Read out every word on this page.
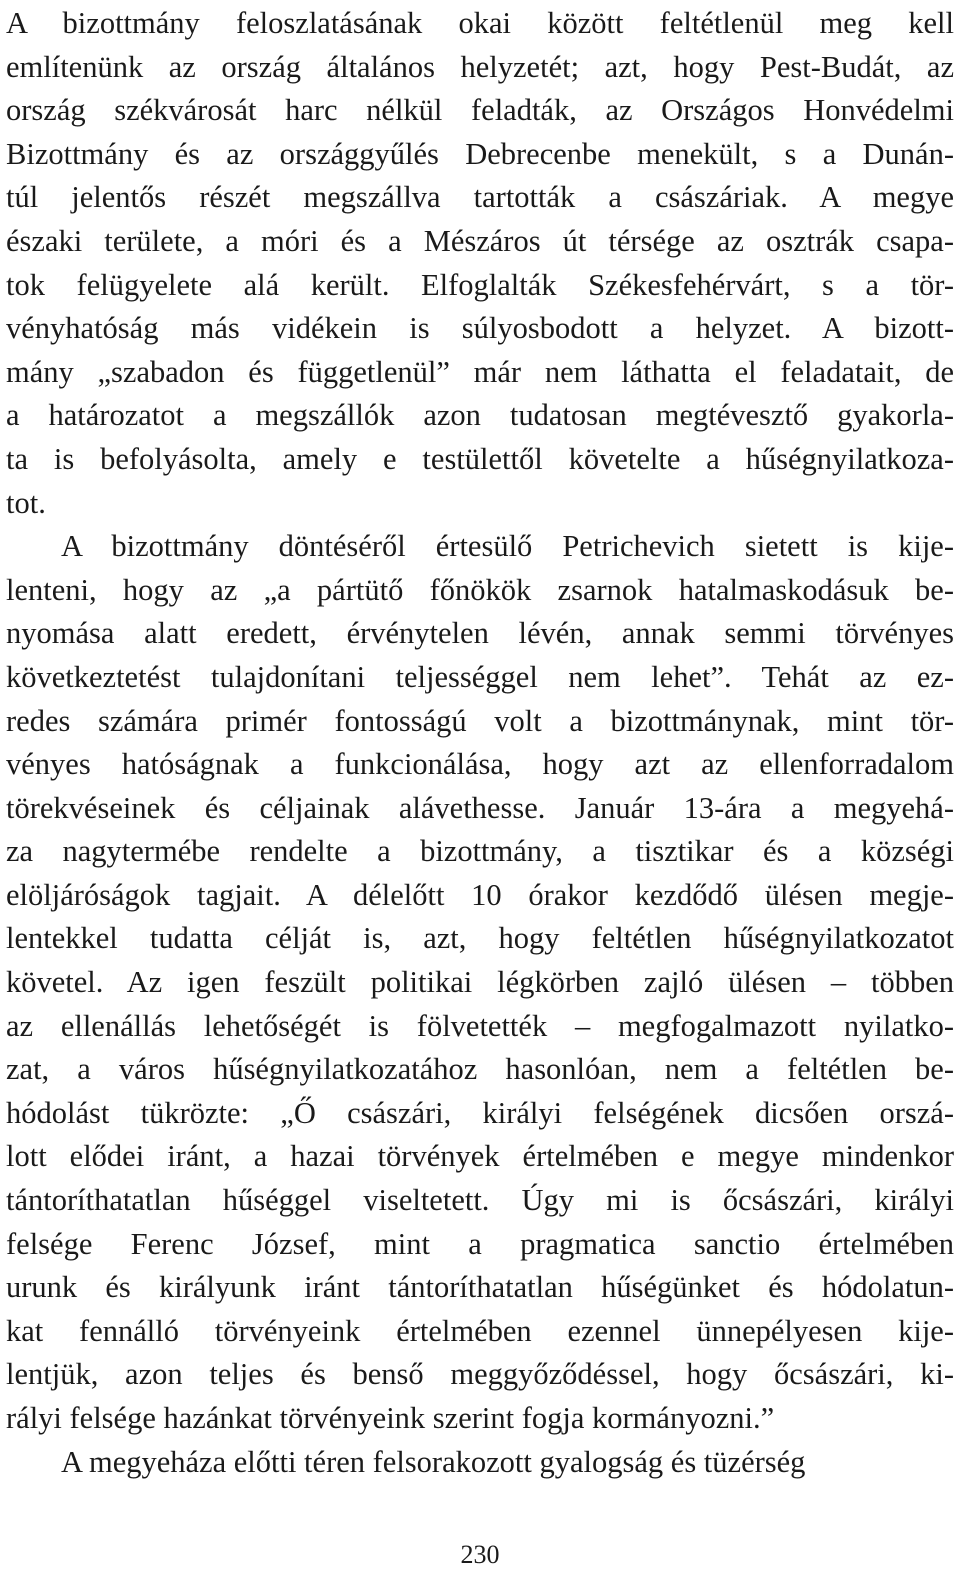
A bizottmány feloszlatásának okai között feltétlenül meg kell
említenünk az ország általános helyzetét; azt, hogy Pest-Budát, az
ország székvárosát harc nélkül feladták, az Országos Honvédelmi
Bizottmány és az országgyűlés Debrecenbe menekült, s a Dunán-
túl jelentős részét megszállva tartották a császáriak. A megye
északi területe, a móri és a Mészáros út térsége az osztrák csapa-
tok felügyelete alá került. Elfoglalták Székesfehérvárt, s a tör-
vényhatóság más vidékein is súlyosbodott a helyzet. A bizott-
mány „szabadon és függetlenül” már nem láthatta el feladatait, de
a határozatot a megszállók azon tudatosan megtévesztő gyakorla-
ta is befolyásolta, amely e testülettől követelte a hűségnyilatkoza-
tot.
A bizottmány döntéséről értesülő Petrichevich sietett is kije-
lenteni, hogy az „a pártütő főnökök zsarnok hatalmaskodásuk be-
nyomása alatt eredett, érvénytelen lévén, annak semmi törvényes
következtetést tulajdonítani teljességgel nem lehet”. Tehát az ez-
redes számára primér fontosságú volt a bizottmánynak, mint tör-
vényes hatóságnak a funkcionálása, hogy azt az ellenforradalom
törekvéseinek és céljainak alávethesse. Január 13-ára a megyehá-
za nagytermébe rendelte a bizottmány, a tisztikar és a községi
elöljáróságok tagjait. A délelőtt 10 órakor kezdődő ülésen megje-
lentekkel tudatta célját is, azt, hogy feltétlen hűségnyilatkozatot
követel. Az igen feszült politikai légkörben zajló ülésen – többen
az ellenállás lehetőségét is fölvetették – megfogalmazott nyilatko-
zat, a város hűségnyilatkozatához hasonlóan, nem a feltétlen be-
hódolást tükrözte: „Ő császári, királyi felségének dicsően orszá-
lott elődei iránt, a hazai törvények értelmében e megye mindenkor
tántoríthatatlan hűséggel viseltetett. Úgy mi is őcsászári, királyi
felsége Ferenc József, mint a pragmatica sanctio értelmében
urunk és királyunk iránt tántoríthatatlan hűségünket és hódolatun-
kat fennálló törvényeink értelmében ezennel ünnepélyesen kije-
lentjük, azon teljes és benső meggyőződéssel, hogy őcsászári, ki-
rályi felsége hazánkat törvényeink szerint fogja kormányozni.”
A megyeháza előtti téren felsorakozott gyalogság és tüzérség
230
